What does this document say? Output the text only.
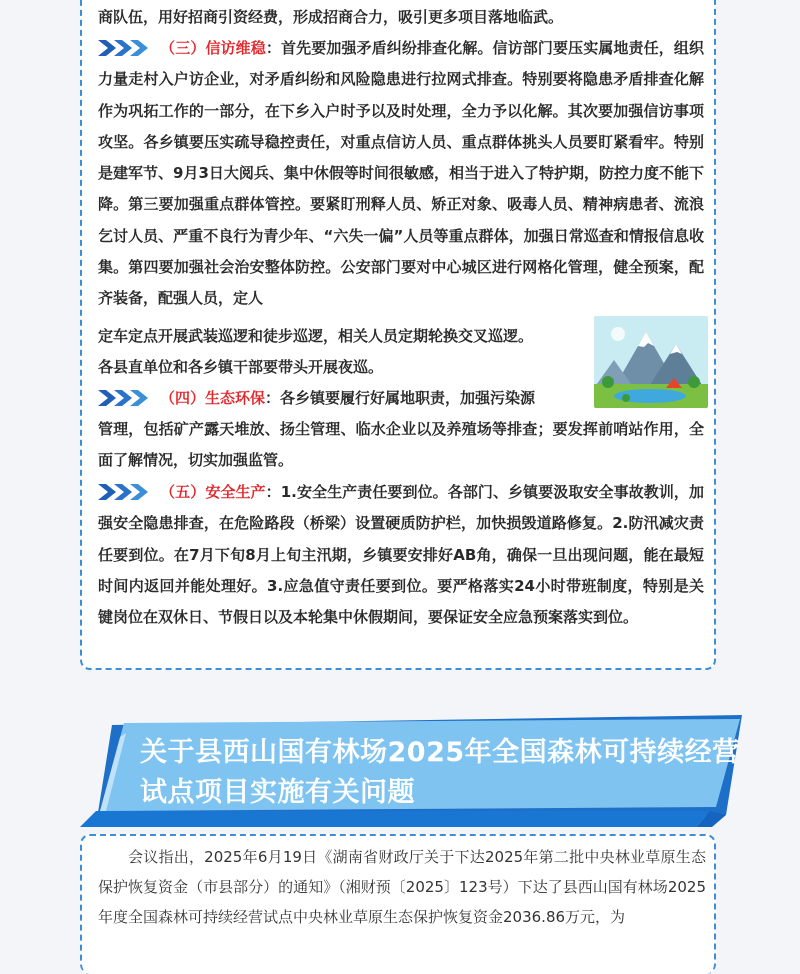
商队伍，用好招商引资经费，形成招商合力，吸引更多项目落地临武。

（三）信访维稳：首先要加强矛盾纠纷排查化解。信访部门要压实属地责任，组织力量走村入户访企业，对矛盾纠纷和风险隐患进行拉网式排查。特别要将隐患矛盾排查化解作为巩拓工作的一部分，在下乡入户时予以及时处理，全力予以化解。其次要加强信访事项攻坚。各乡镇要压实疏导稳控责任，对重点信访人员、重点群体挑头人员要盯紧看牢。特别是建军节、9月3日大阅兵、集中休假等时间很敏感，相当于进入了特护期，防控力度不能下降。第三要加强重点群体管控。要紧盯刑释人员、矫正对象、吸毒人员、精神病患者、流浪乞讨人员、严重不良行为青少年、“六失一偏”人员等重点群体，加强日常巡查和情报信息收集。第四要加强社会治安整体防控。公安部门要对中心城区进行网格化管理，健全预案，配齐装备，配强人员，定人

定车定点开展武装巡逻和徒步巡逻，相关人员定期轮换交叉巡逻。

各县直单位和各乡镇干部要带头开展夜巡。

（四）生态环保：各乡镇要履行好属地职责，加强污染源

管理，包括矿产露天堆放、扬尘管理、临水企业以及养殖场等排查；要发挥前哨站作用，全面了解情况，切实加强监管。

（五）安全生产：1.安全生产责任要到位。各部门、乡镇要汲取安全事故教训，加强安全隐患排查，在危险路段（桥梁）设置硬质防护栏，加快损毁道路修复。2.防汛减灾责任要到位。在7月下旬8月上旬主汛期，乡镇要安排好AB角，确保一旦出现问题，能在最短时间内返回并能处理好。3.应急值守责任要到位。要严格落实24小时带班制度，特别是关键岗位在双休日、节假日以及本轮集中休假期间，要保证安全应急预案落实到位。

关于县西山国有林场2025年全国森林可持续经营
试点项目实施有关问题

会议指出，2025年6月19日《湖南省财政厅关于下达2025年第二批中央林业草原生态保护恢复资金（市县部分）的通知》（湘财预〔2025〕123号）下达了县西山国有林场2025年度全国森林可持续经营试点中央林业草原生态保护恢复资金2036.86万元，为
